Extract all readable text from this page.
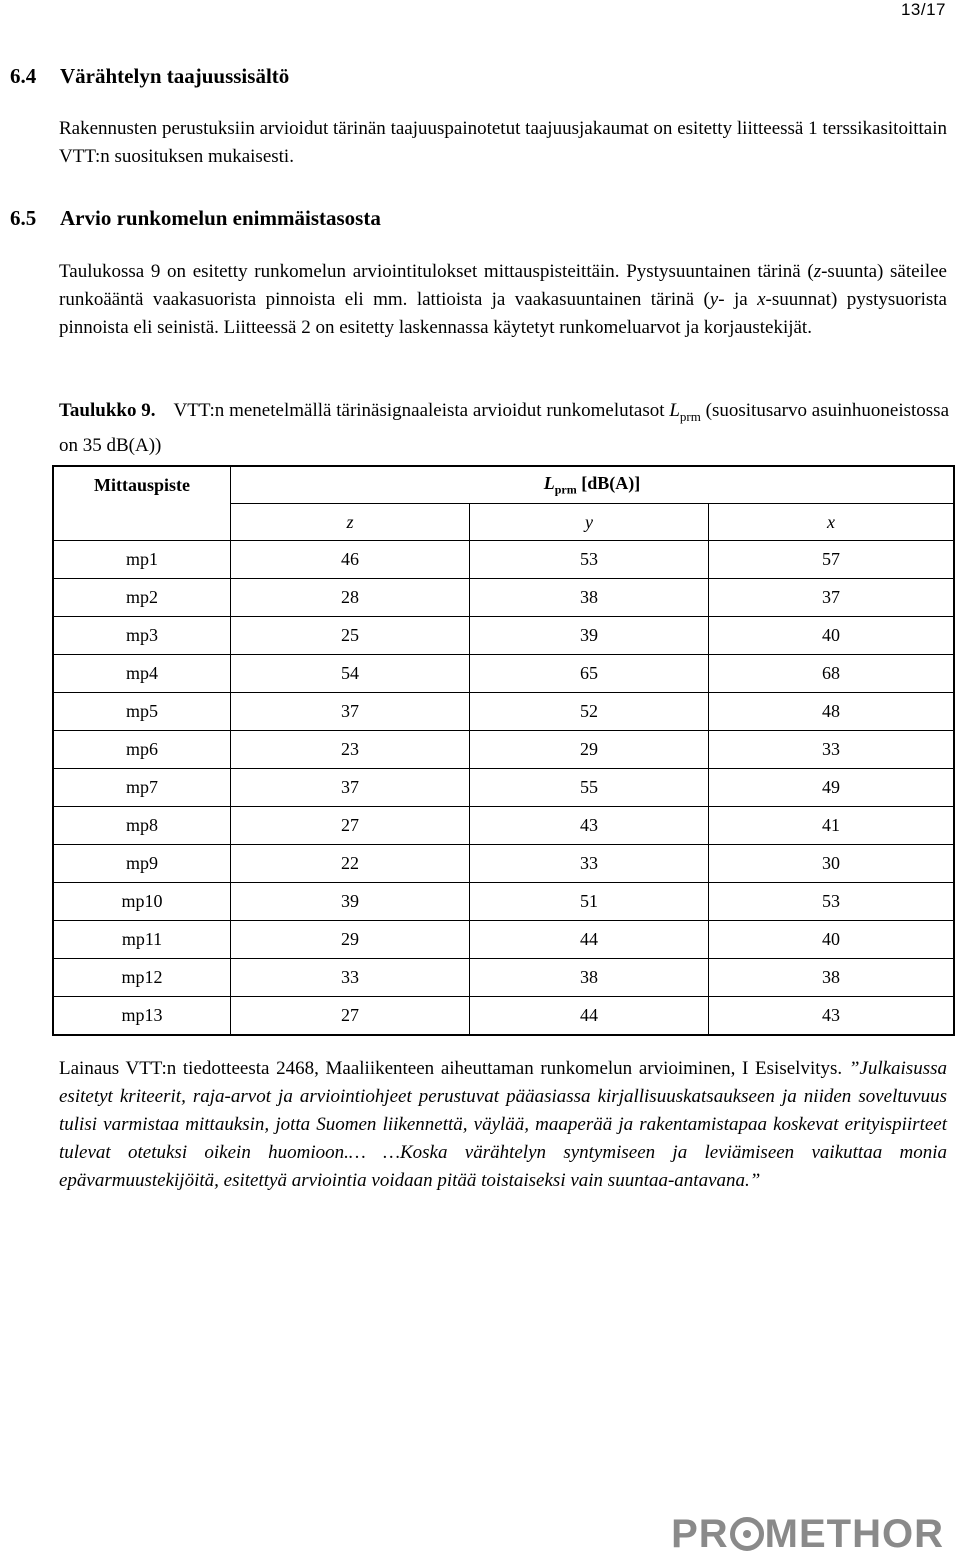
13/17
6.4 Värähtelyn taajuussisältö
Rakennusten perustuksiin arvioidut tärinän taajuuspainotetut taajuusjakaumat on esitetty liitteessä 1 terssikasitoittain VTT:n suosituksen mukaisesti.
6.5 Arvio runkomelun enimmäistasosta
Taulukossa 9 on esitetty runkomelun arviointitulokset mittauspisteittäin. Pystysuuntainen tärinä (z-suunta) säteilee runkoääntä vaakasuorista pinnoista eli mm. lattioista ja vaakasuuntainen tärinä (y- ja x-suunnat) pystysuorista pinnoista eli seinistä. Liitteessä 2 on esitetty laskennassa käytetyt runkomeluarvot ja korjaustekijät.
Taulukko 9. VTT:n menetelmällä tärinäsignaaleista arvioidut runkomelutasot $L_{prm}$ (suositusarvo asuinhuoneistossa on 35 dB(A))
Mittauspiste	$L_{prm}$ [dB(A)]		
	z	y	x
mp1	46	53	57
mp2	28	38	37
mp3	25	39	40
mp4	54	65	68
mp5	37	52	48
mp6	23	29	33
mp7	37	55	49
mp8	27	43	41
mp9	22	33	30
mp10	39	51	53
mp11	29	44	40
mp12	33	38	38
mp13	27	44	43
Lainaus VTT:n tiedotteesta 2468, Maaliikenteen aiheuttaman runkomelun arvioiminen, I Esiselvitys. ”Julkaisussa esitetyt kriteerit, raja-arvot ja arviointiohjeet perustuvat pääasiassa kirjallisuuskatsaukseen ja niiden soveltuvuus tulisi varmistaa mittauksin, jotta Suomen liikennettä, väylää, maaperää ja rakentamistapaa koskevat erityispiirteet tulevat otetuksi oikein huomioon.… …Koska värähtelyn syntymiseen ja leviämiseen vaikuttaa monia epävarmuustekijöitä, esitettyä arviointia voidaan pitää toistaiseksi vain suuntaa-antavana.”
PR METHOR
